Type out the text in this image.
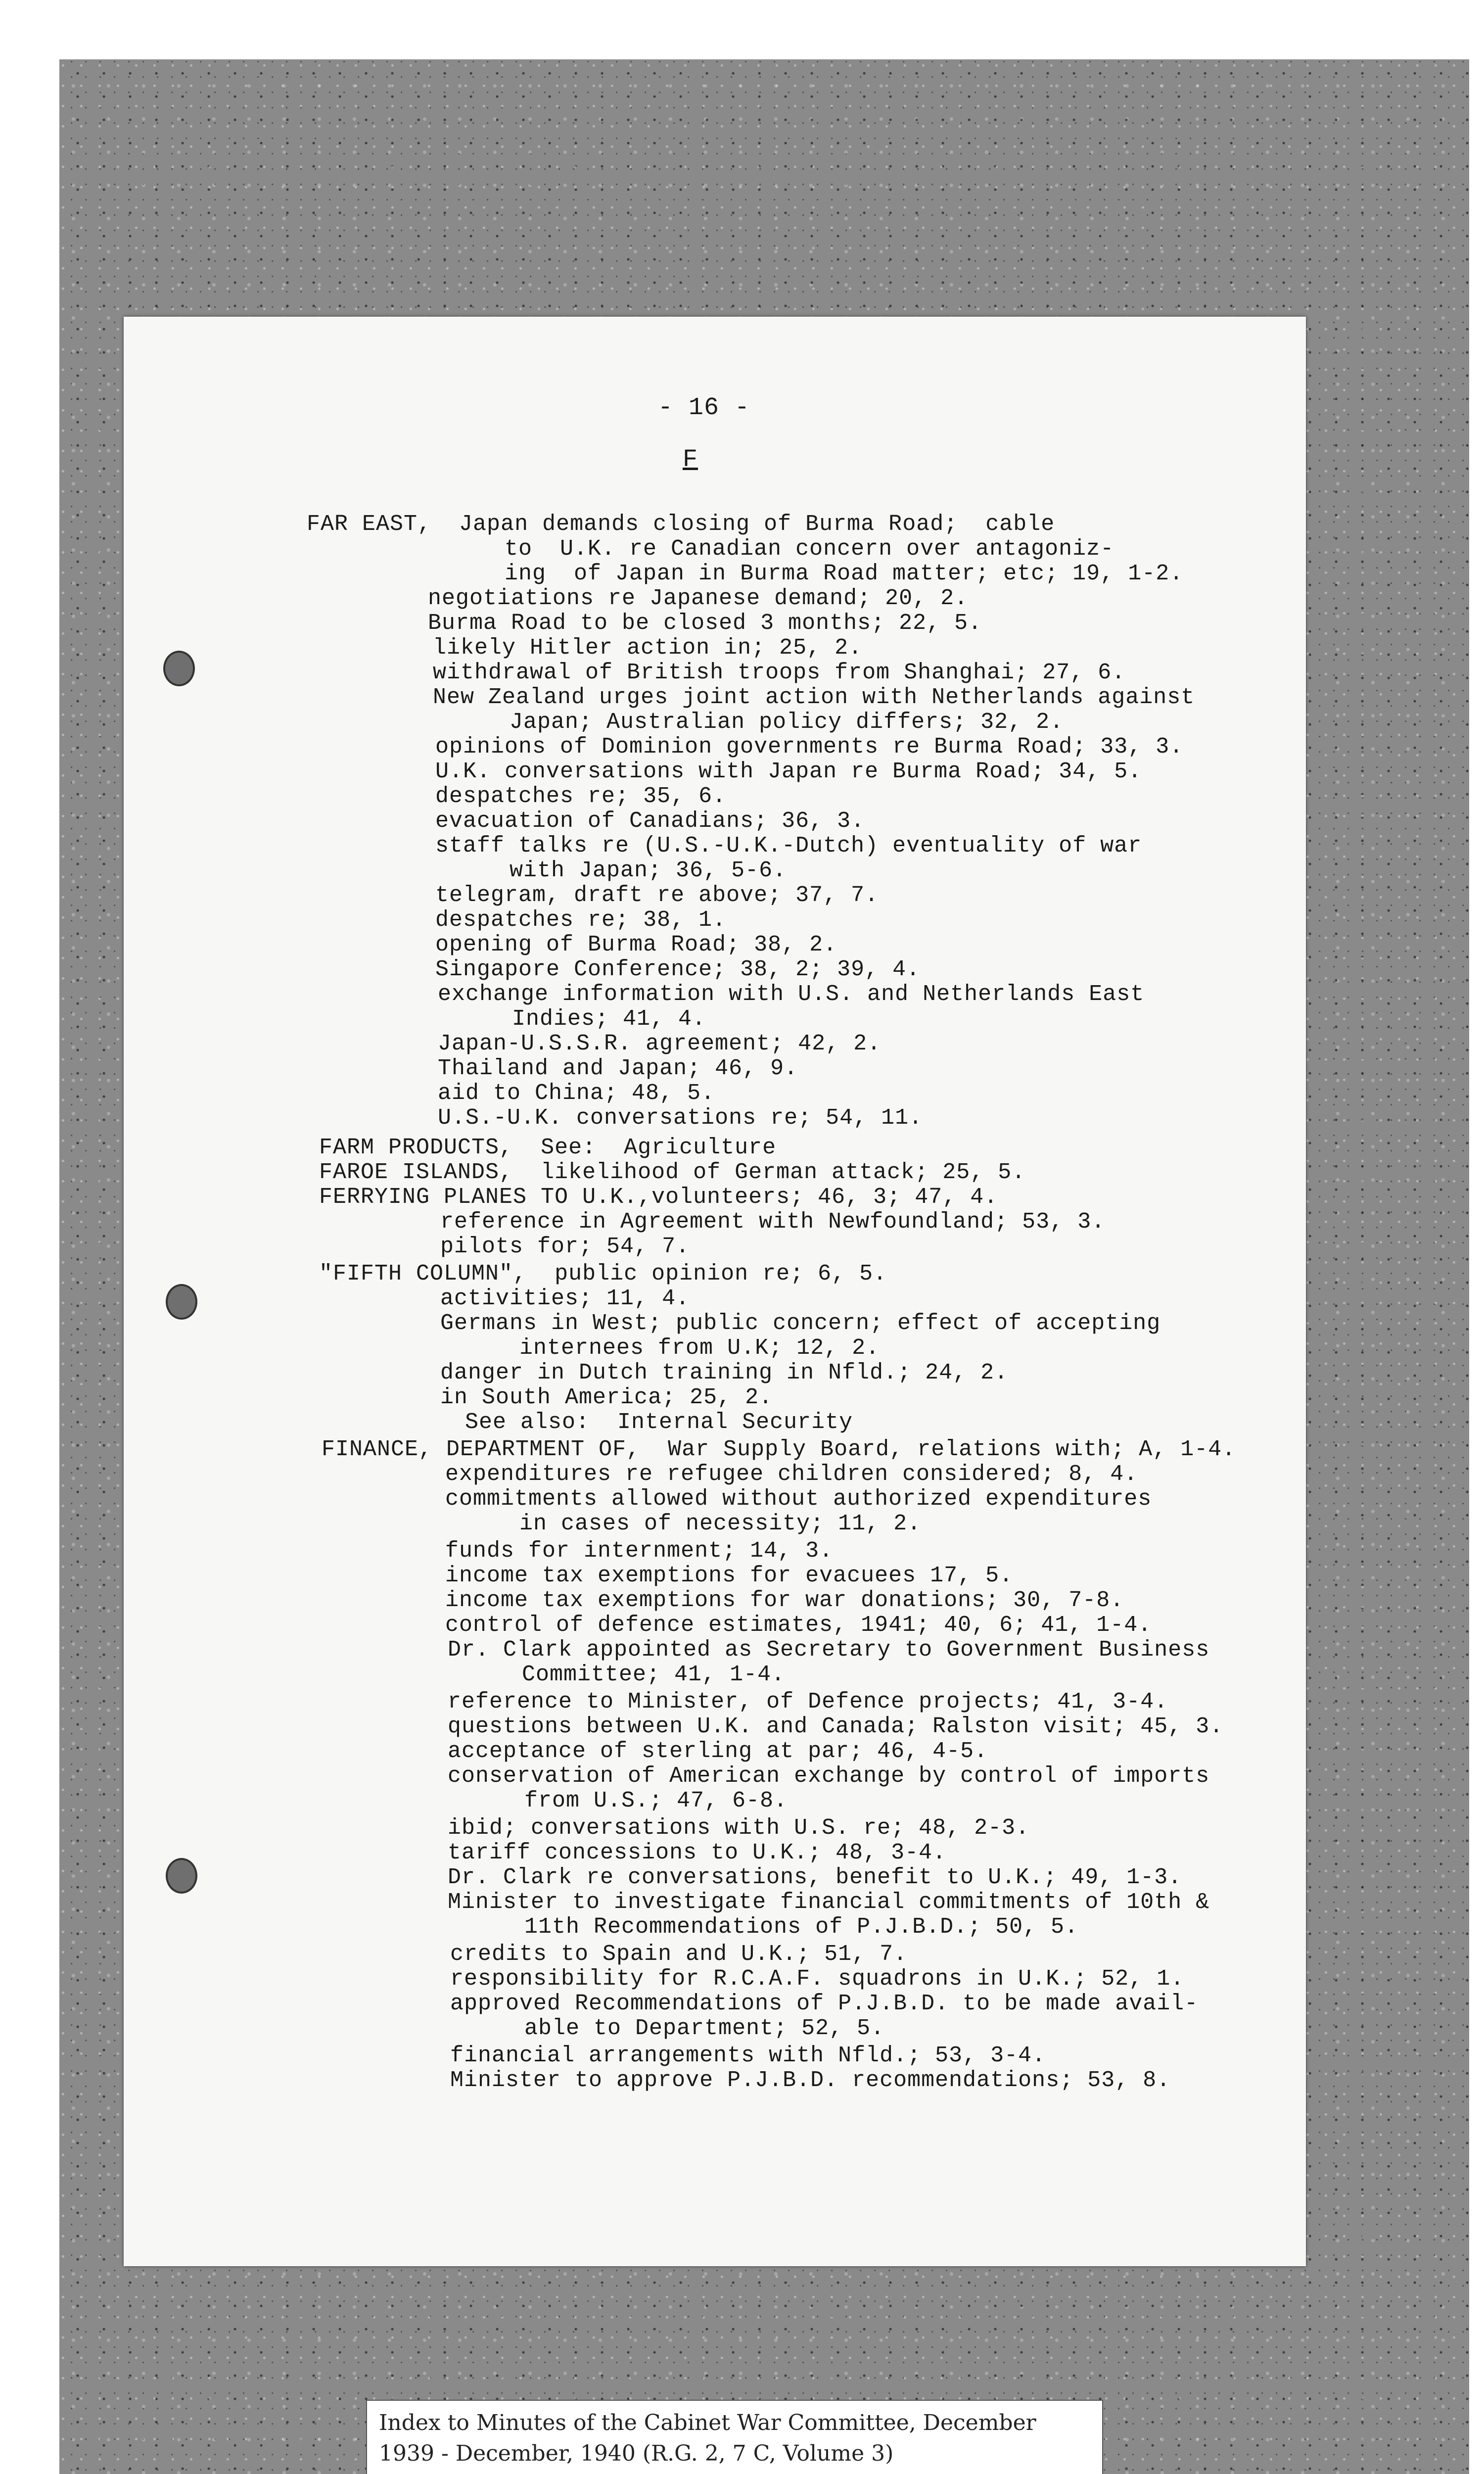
- 16 -
F
FAR EAST,  Japan demands closing of Burma Road;  cable
to  U.K. re Canadian concern over antagoniz-
ing  of Japan in Burma Road matter; etc; 19, 1-2.
negotiations re Japanese demand; 20, 2.
Burma Road to be closed 3 months; 22, 5.
likely Hitler action in; 25, 2.
withdrawal of British troops from Shanghai; 27, 6.
New Zealand urges joint action with Netherlands against
Japan; Australian policy differs; 32, 2.
opinions of Dominion governments re Burma Road; 33, 3.
U.K. conversations with Japan re Burma Road; 34, 5.
despatches re; 35, 6.
evacuation of Canadians; 36, 3.
staff talks re (U.S.-U.K.-Dutch) eventuality of war
with Japan; 36, 5-6.
telegram, draft re above; 37, 7.
despatches re; 38, 1.
opening of Burma Road; 38, 2.
Singapore Conference; 38, 2; 39, 4.
exchange information with U.S. and Netherlands East
Indies; 41, 4.
Japan-U.S.S.R. agreement; 42, 2.
Thailand and Japan; 46, 9.
aid to China; 48, 5.
U.S.-U.K. conversations re; 54, 11.
FARM PRODUCTS,  See:  Agriculture
FAROE ISLANDS,  likelihood of German attack; 25, 5.
FERRYING PLANES TO U.K.,volunteers; 46, 3; 47, 4.
reference in Agreement with Newfoundland; 53, 3.
pilots for; 54, 7.
"FIFTH COLUMN",  public opinion re; 6, 5.
activities; 11, 4.
Germans in West; public concern; effect of accepting
internees from U.K; 12, 2.
danger in Dutch training in Nfld.; 24, 2.
in South America; 25, 2.
See also:  Internal Security
FINANCE, DEPARTMENT OF,  War Supply Board, relations with; A, 1-4.
expenditures re refugee children considered; 8, 4.
commitments allowed without authorized expenditures
in cases of necessity; 11, 2.
funds for internment; 14, 3.
income tax exemptions for evacuees 17, 5.
income tax exemptions for war donations; 30, 7-8.
control of defence estimates, 1941; 40, 6; 41, 1-4.
Dr. Clark appointed as Secretary to Government Business
Committee; 41, 1-4.
reference to Minister, of Defence projects; 41, 3-4.
questions between U.K. and Canada; Ralston visit; 45, 3.
acceptance of sterling at par; 46, 4-5.
conservation of American exchange by control of imports
from U.S.; 47, 6-8.
ibid; conversations with U.S. re; 48, 2-3.
tariff concessions to U.K.; 48, 3-4.
Dr. Clark re conversations, benefit to U.K.; 49, 1-3.
Minister to investigate financial commitments of 10th &
11th Recommendations of P.J.B.D.; 50, 5.
credits to Spain and U.K.; 51, 7.
responsibility for R.C.A.F. squadrons in U.K.; 52, 1.
approved Recommendations of P.J.B.D. to be made avail-
able to Department; 52, 5.
financial arrangements with Nfld.; 53, 3-4.
Minister to approve P.J.B.D. recommendations; 53, 8.
Index to Minutes of the Cabinet War Committee, December
1939 - December, 1940 (R.G. 2, 7 C, Volume 3)
